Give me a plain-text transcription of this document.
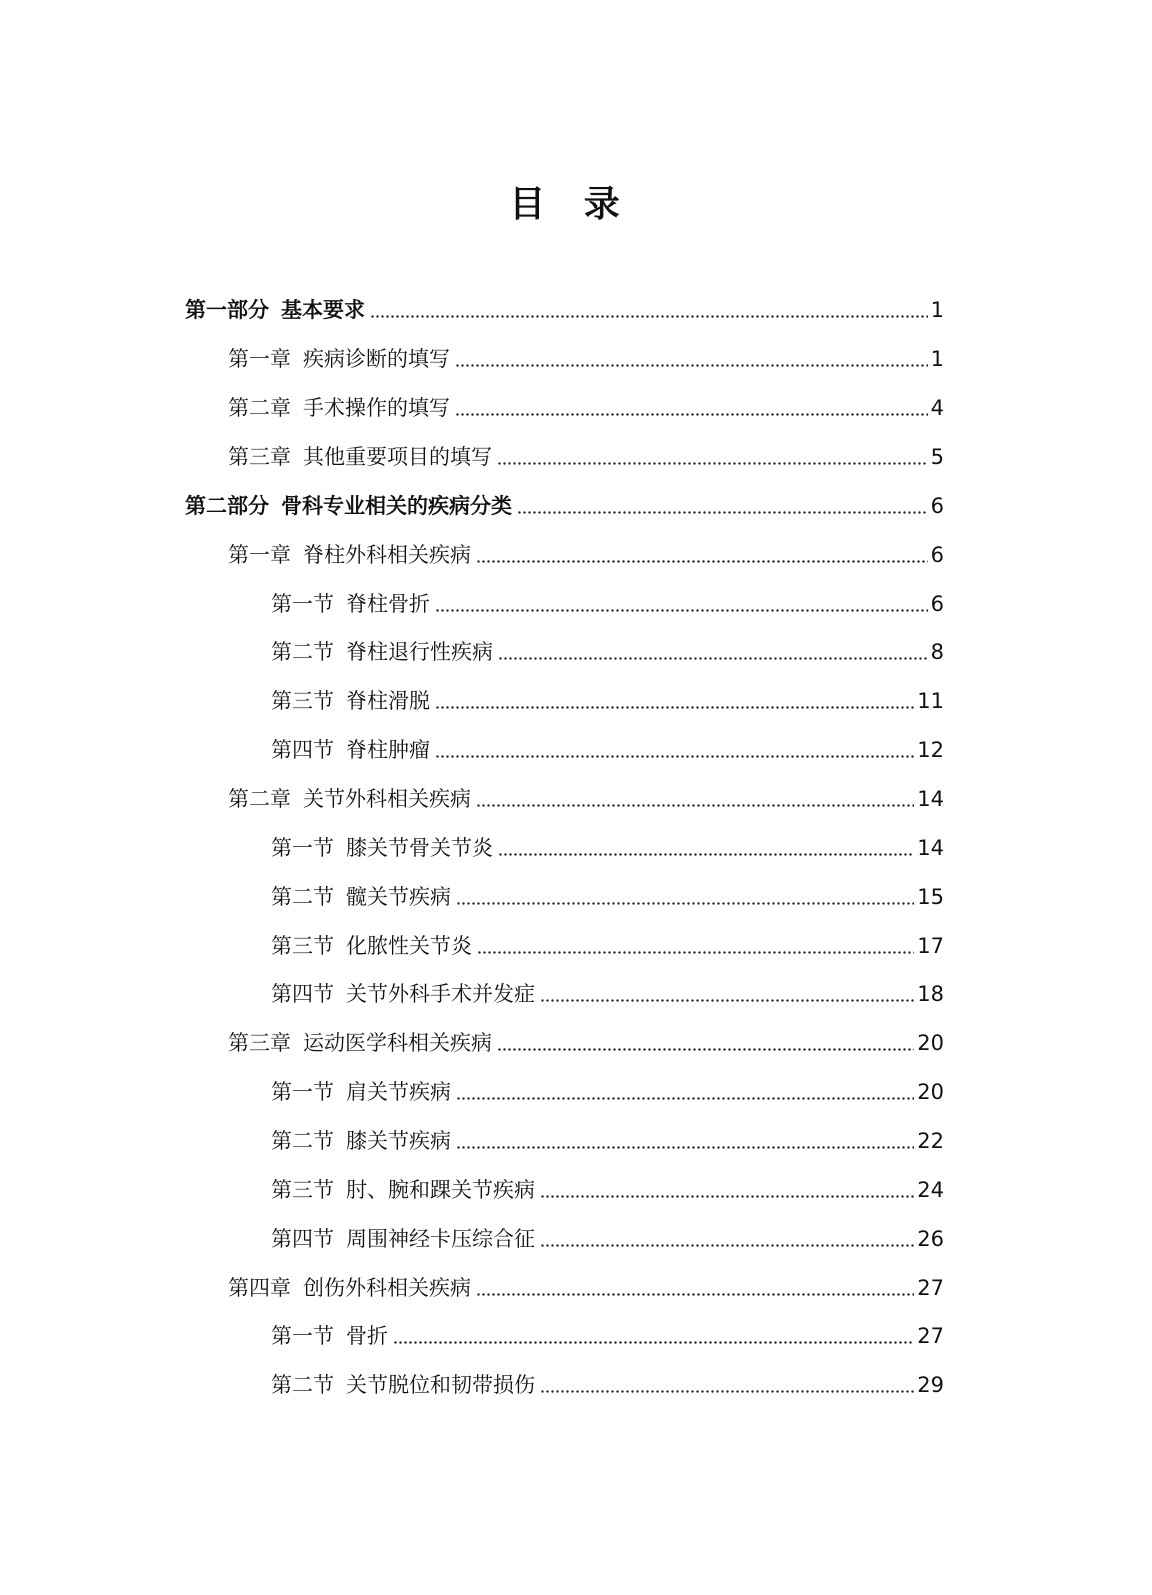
目 录
第一部分 基本要求	1
第一章 疾病诊断的填写	1
第二章 手术操作的填写	4
第三章 其他重要项目的填写	5
第二部分 骨科专业相关的疾病分类	6
第一章 脊柱外科相关疾病	6
第一节 脊柱骨折	6
第二节 脊柱退行性疾病	8
第三节 脊柱滑脱	11
第四节 脊柱肿瘤	12
第二章 关节外科相关疾病	14
第一节 膝关节骨关节炎	14
第二节 髋关节疾病	15
第三节 化脓性关节炎	17
第四节 关节外科手术并发症	18
第三章 运动医学科相关疾病	20
第一节 肩关节疾病	20
第二节 膝关节疾病	22
第三节 肘、腕和踝关节疾病	24
第四节 周围神经卡压综合征	26
第四章 创伤外科相关疾病	27
第一节 骨折	27
第二节 关节脱位和韧带损伤	29
